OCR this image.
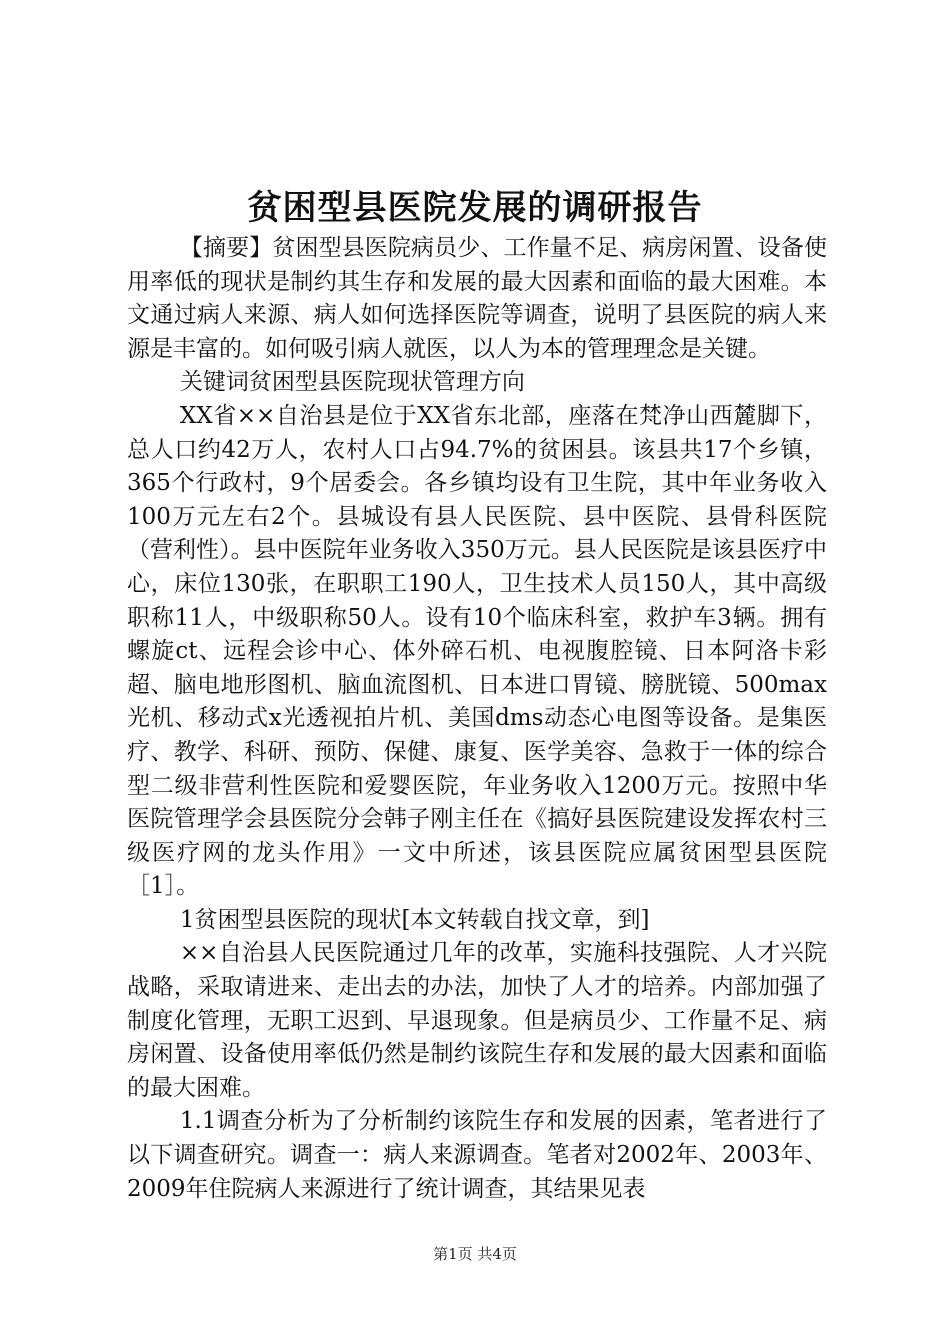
贫困型县医院发展的调研报告

【摘要】贫困型县医院病员少、工作量不足、病房闲置、设备使用率低的现状是制约其生存和发展的最大因素和面临的最大困难。本文通过病人来源、病人如何选择医院等调查，说明了县医院的病人来源是丰富的。如何吸引病人就医，以人为本的管理理念是关键。

关键词贫困型县医院现状管理方向

XX省××自治县是位于XX省东北部，座落在梵净山西麓脚下，总人口约42万人，农村人口占94.7%的贫困县。该县共17个乡镇，365个行政村，9个居委会。各乡镇均设有卫生院，其中年业务收入100万元左右2个。县城设有县人民医院、县中医院、县骨科医院（营利性）。县中医院年业务收入350万元。县人民医院是该县医疗中心，床位130张，在职职工190人，卫生技术人员150人，其中高级职称11人，中级职称50人。设有10个临床科室，救护车3辆。拥有螺旋ct、远程会诊中心、体外碎石机、电视腹腔镜、日本阿洛卡彩超、脑电地形图机、脑血流图机、日本进口胃镜、膀胱镜、500max光机、移动式x光透视拍片机、美国dms动态心电图等设备。是集医疗、教学、科研、预防、保健、康复、医学美容、急救于一体的综合型二级非营利性医院和爱婴医院，年业务收入1200万元。按照中华医院管理学会县医院分会韩子刚主任在《搞好县医院建设发挥农村三级医疗网的龙头作用》一文中所述，该县医院应属贫困型县医院［1］。

1贫困型县医院的现状[本文转载自找文章，到]

××自治县人民医院通过几年的改革，实施科技强院、人才兴院战略，采取请进来、走出去的办法，加快了人才的培养。内部加强了制度化管理，无职工迟到、早退现象。但是病员少、工作量不足、病房闲置、设备使用率低仍然是制约该院生存和发展的最大因素和面临的最大困难。

1.1调查分析为了分析制约该院生存和发展的因素，笔者进行了以下调查研究。调查一：病人来源调查。笔者对2002年、2003年、2009年住院病人来源进行了统计调查，其结果见表

第1页 共4页
